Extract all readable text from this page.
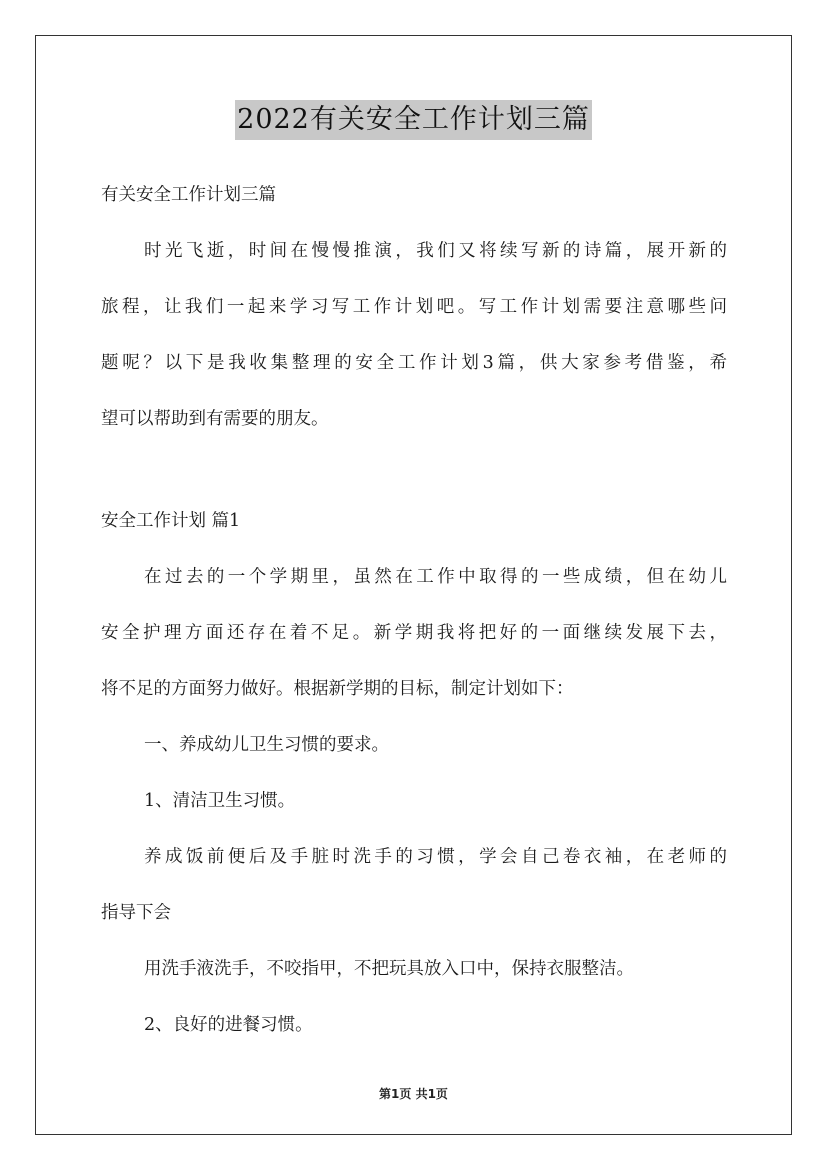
2022有关安全工作计划三篇

有关安全工作计划三篇

时光飞逝，时间在慢慢推演，我们又将续写新的诗篇，展开新的

旅程，让我们一起来学习写工作计划吧。写工作计划需要注意哪些问

题呢？以下是我收集整理的安全工作计划3篇，供大家参考借鉴，希

望可以帮助到有需要的朋友。

安全工作计划 篇1

在过去的一个学期里，虽然在工作中取得的一些成绩，但在幼儿

安全护理方面还存在着不足。新学期我将把好的一面继续发展下去，

将不足的方面努力做好。根据新学期的目标，制定计划如下：

一、养成幼儿卫生习惯的要求。

1、清洁卫生习惯。

养成饭前便后及手脏时洗手的习惯，学会自己卷衣袖，在老师的

指导下会

用洗手液洗手，不咬指甲，不把玩具放入口中，保持衣服整洁。

2、良好的进餐习惯。

第1页 共1页
